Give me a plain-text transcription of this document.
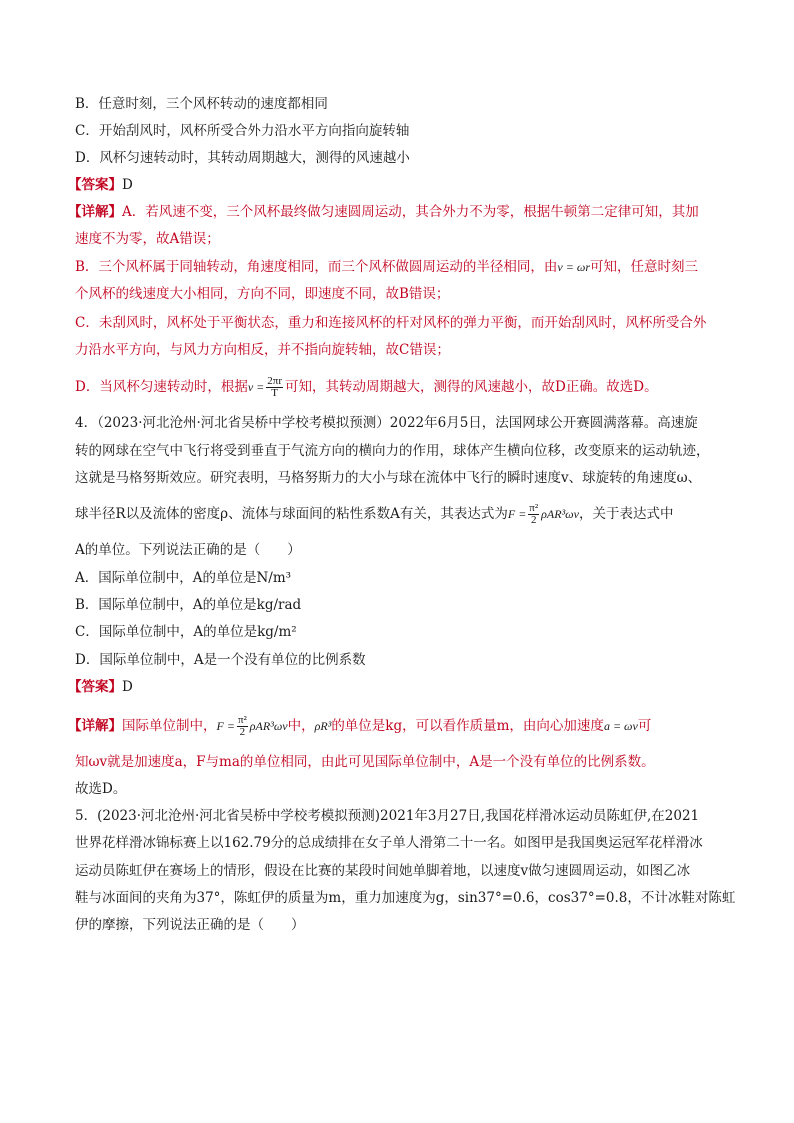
B．任意时刻，三个风杯转动的速度都相同
C．开始刮风时，风杯所受合外力沿水平方向指向旋转轴
D．风杯匀速转动时，其转动周期越大，测得的风速越小
【答案】D
【详解】A．若风速不变，三个风杯最终做匀速圆周运动，其合外力不为零，根据牛顿第二定律可知，其加
速度不为零，故A错误；
B．三个风杯属于同轴转动，角速度相同，而三个风杯做圆周运动的半径相同，由v = ωr可知，任意时刻三
个风杯的线速度大小相同，方向不同，即速度不同，故B错误；
C．未刮风时，风杯处于平衡状态，重力和连接风杯的杆对风杯的弹力平衡，而开始刮风时，风杯所受合外
力沿水平方向，与风力方向相反，并不指向旋转轴，故C错误；
D．当风杯匀速转动时，根据$v = \frac{2\pi r}{T}$ 可知，其转动周期越大，测得的风速越小，故D正确。故选D。
4．（2023·河北沧州·河北省吴桥中学校考模拟预测）2022年6月5日，法国网球公开赛圆满落幕。高速旋
转的网球在空气中飞行将受到垂直于气流方向的横向力的作用，球体产生横向位移，改变原来的运动轨迹，
这就是马格努斯效应。研究表明，马格努斯力的大小与球在流体中飞行的瞬时速度v、球旋转的角速度ω、
球半径R以及流体的密度ρ、流体与球面间的粘性系数A有关，其表达式为$F = \frac{\text{π²}}{2} \rho AR^3\omega v$，关于表达式中
A的单位。下列说法正确的是（　　）
A．国际单位制中，A的单位是N/m³
B．国际单位制中，A的单位是kg/rad
C．国际单位制中，A的单位是kg/m²
D．国际单位制中，A是一个没有单位的比例系数
【答案】D
【详解】国际单位制中，$F = \frac{\text{π²}}{2} \rho AR^3\omega v$中，ρR³的单位是kg，可以看作质量m，由向心加速度a = ωv可
知ωv就是加速度a，F与ma的单位相同，由此可见国际单位制中，A是一个没有单位的比例系数。
故选D。
5．(2023·河北沧州·河北省吴桥中学校考模拟预测)2021年3月27日,我国花样滑冰运动员陈虹伊,在2021
世界花样滑冰锦标赛上以162.79分的总成绩排在女子单人滑第二十一名。如图甲是我国奥运冠军花样滑冰
运动员陈虹伊在赛场上的情形，假设在比赛的某段时间她单脚着地，以速度v做匀速圆周运动，如图乙冰
鞋与冰面间的夹角为37°，陈虹伊的质量为m，重力加速度为g，sin37°=0.6，cos37°=0.8，不计冰鞋对陈虹
伊的摩擦，下列说法正确的是（　　）
